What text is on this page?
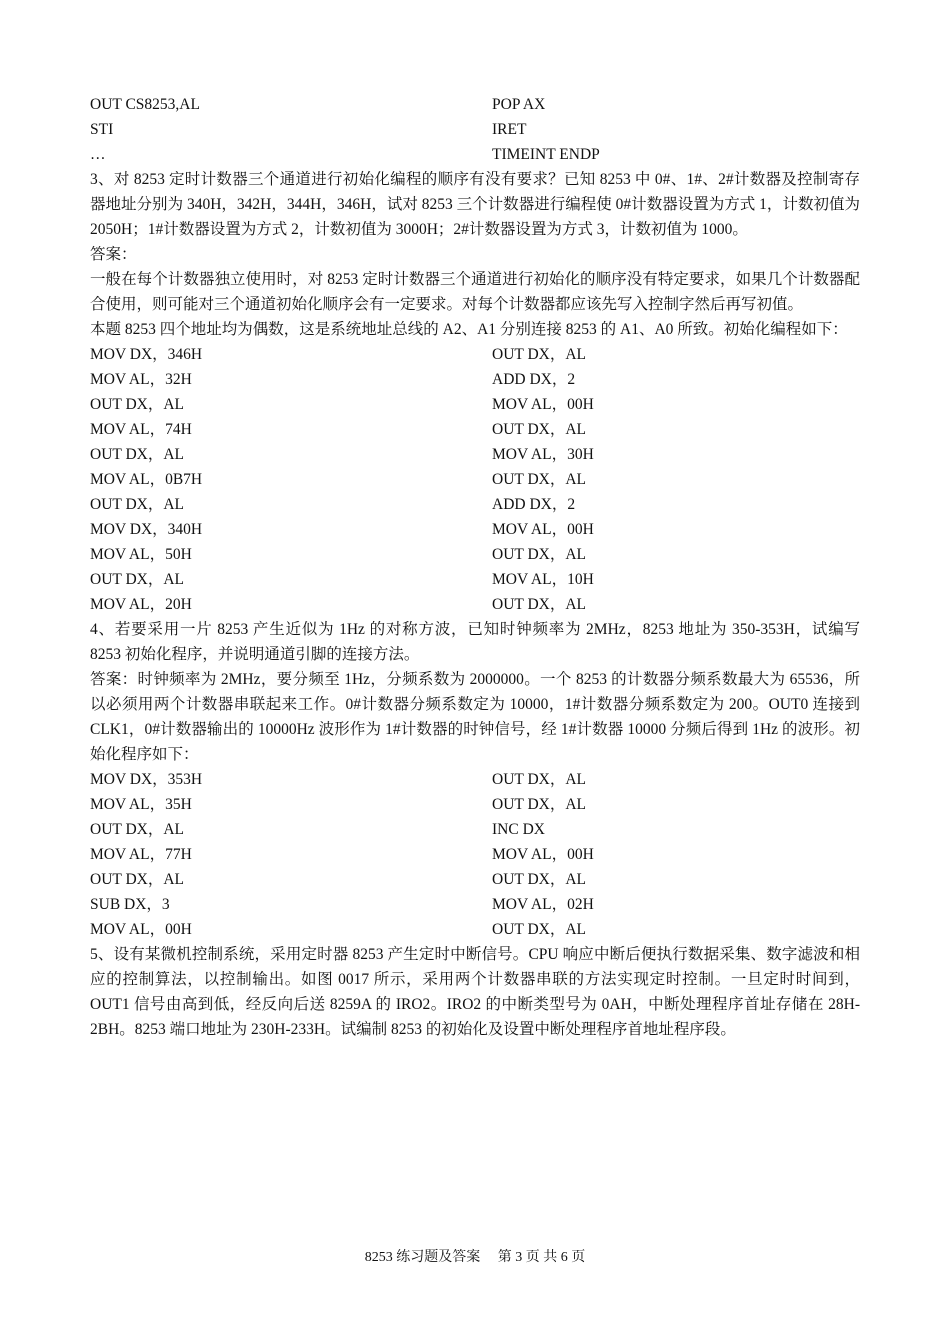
OUT CS8253,AL	POP AX
STI	IRET
…	TIMEINT ENDP
3、对 8253 定时计数器三个通道进行初始化编程的顺序有没有要求？已知 8253 中 0#、1#、2#计数器及控制寄存器地址分别为 340H，342H，344H，346H，试对 8253 三个计数器进行编程使 0#计数器设置为方式 1，计数初值为 2050H；1#计数器设置为方式 2，计数初值为 3000H；2#计数器设置为方式 3，计数初值为 1000。
答案：
一般在每个计数器独立使用时，对 8253 定时计数器三个通道进行初始化的顺序没有特定要求，如果几个计数器配合使用，则可能对三个通道初始化顺序会有一定要求。对每个计数器都应该先写入控制字然后再写初值。
本题 8253 四个地址均为偶数，这是系统地址总线的 A2、A1 分别连接 8253 的 A1、A0 所致。初始化编程如下：
MOV DX，346H	OUT DX，AL
MOV AL，32H	ADD DX，2
OUT DX，AL	MOV AL，00H
MOV AL，74H	OUT DX，AL
OUT DX，AL	MOV AL，30H
MOV AL，0B7H	OUT DX，AL
OUT DX，AL	ADD DX，2
MOV DX，340H	MOV AL，00H
MOV AL，50H	OUT DX，AL
OUT DX，AL	MOV AL，10H
MOV AL，20H	OUT DX，AL
4、若要采用一片 8253 产生近似为 1Hz 的对称方波，已知时钟频率为 2MHz，8253 地址为 350-353H，试编写 8253 初始化程序，并说明通道引脚的连接方法。
答案：时钟频率为 2MHz，要分频至 1Hz，分频系数为 2000000。一个 8253 的计数器分频系数最大为 65536，所以必须用两个计数器串联起来工作。0#计数器分频系数定为 10000，1#计数器分频系数定为 200。OUT0 连接到 CLK1，0#计数器输出的 10000Hz 波形作为 1#计数器的时钟信号，经 1#计数器 10000 分频后得到 1Hz 的波形。初始化程序如下：
MOV DX，353H	OUT DX，AL
MOV AL，35H	OUT DX，AL
OUT DX，AL	INC DX
MOV AL，77H	MOV AL，00H
OUT DX，AL	OUT DX，AL
SUB DX，3	MOV AL，02H
MOV AL，00H	OUT DX，AL
5、设有某微机控制系统，采用定时器 8253 产生定时中断信号。CPU 响应中断后便执行数据采集、数字滤波和相应的控制算法，以控制输出。如图 0017 所示，采用两个计数器串联的方法实现定时控制。一旦定时时间到，OUT1 信号由高到低，经反向后送 8259A 的 IRO2。IRO2 的中断类型号为 0AH，中断处理程序首址存储在 28H-2BH。8253 端口地址为 230H-233H。试编制 8253 的初始化及设置中断处理程序首地址程序段。
8253 练习题及答案　 第 3 页 共 6 页
